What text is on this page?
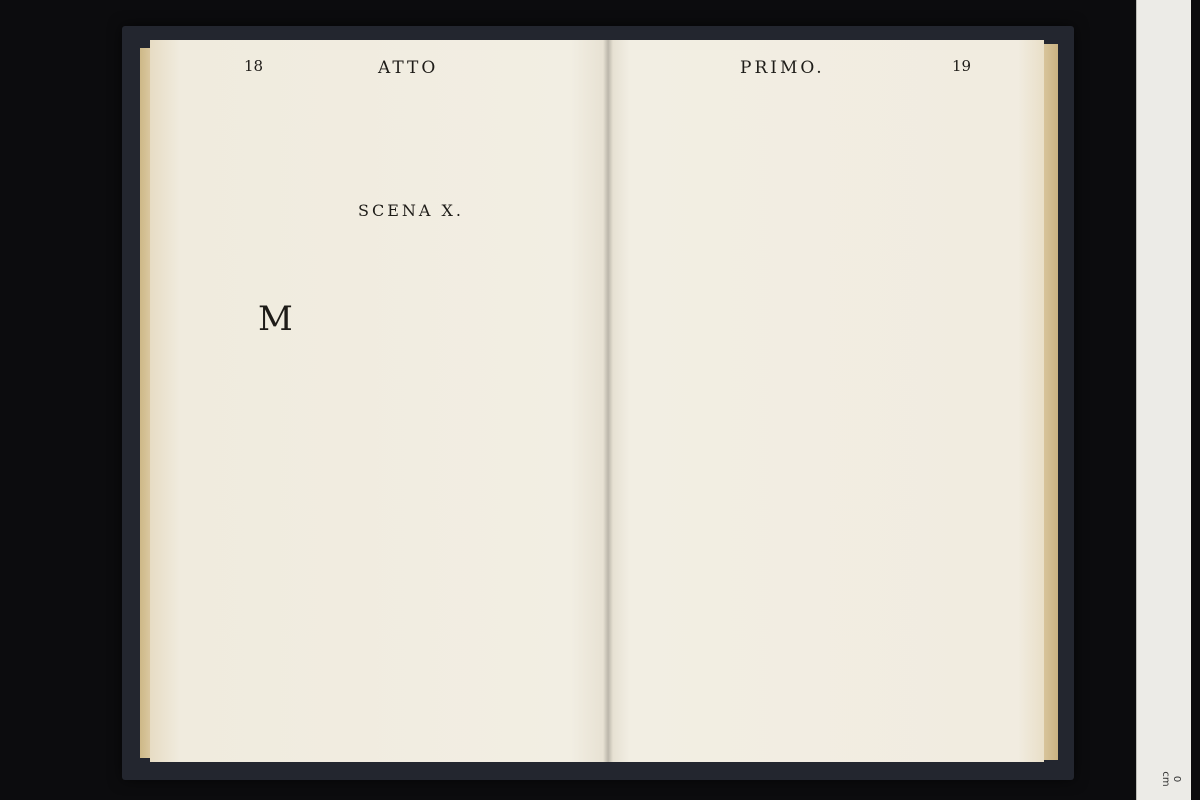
18	ATTO	PRIMO.	19
SCENA X.
M
0 cm
